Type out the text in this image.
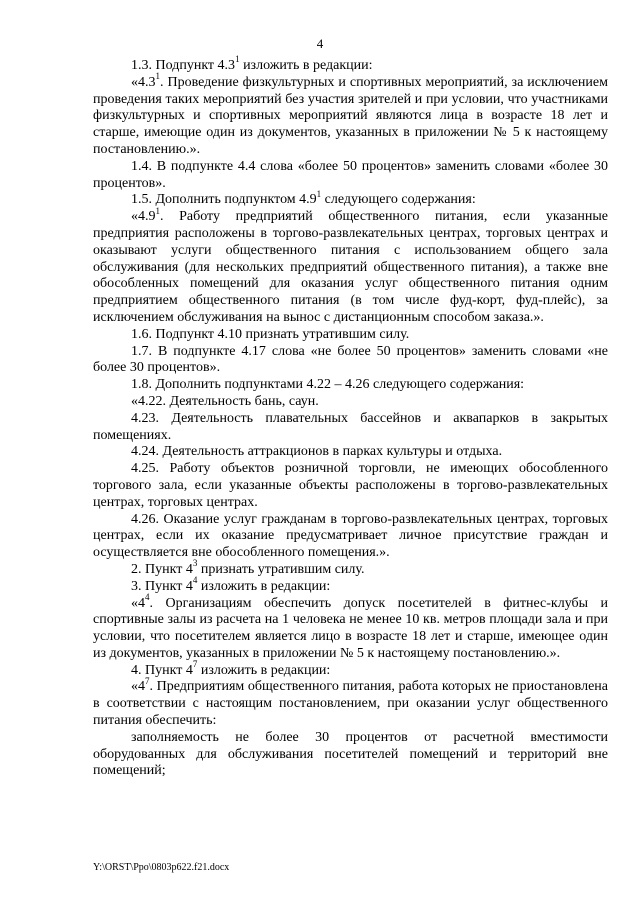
4

1.3. Подпункт $4.3^1$ изложить в редакции:

«$4.3^1$. Проведение физкультурных и спортивных мероприятий, за исключением проведения таких мероприятий без участия зрителей и при условии, что участниками физкультурных и спортивных мероприятий являются лица в возрасте 18 лет и старше, имеющие один из документов, указанных в приложении № 5 к настоящему постановлению.».

1.4. В подпункте 4.4 слова «более 50 процентов» заменить словами «более 30 процентов».

1.5. Дополнить подпунктом $4.9^1$ следующего содержания:

«$4.9^1$. Работу предприятий общественного питания, если указанные предприятия расположены в торгово-развлекательных центрах, торговых центрах и оказывают услуги общественного питания с использованием общего зала обслуживания (для нескольких предприятий общественного питания), а также вне обособленных помещений для оказания услуг общественного питания одним предприятием общественного питания (в том числе фуд-корт, фуд-плейс), за исключением обслуживания на вынос с дистанционным способом заказа.».

1.6. Подпункт 4.10 признать утратившим силу.

1.7. В подпункте 4.17 слова «не более 50 процентов» заменить словами «не более 30 процентов».

1.8. Дополнить подпунктами 4.22 – 4.26 следующего содержания:

«4.22. Деятельность бань, саун.

4.23. Деятельность плавательных бассейнов и аквапарков в закрытых помещениях.

4.24. Деятельность аттракционов в парках культуры и отдыха.

4.25. Работу объектов розничной торговли, не имеющих обособленного торгового зала, если указанные объекты расположены в торгово-развлекательных центрах, торговых центрах.

4.26. Оказание услуг гражданам в торгово-развлекательных центрах, торговых центрах, если их оказание предусматривает личное присутствие граждан и осуществляется вне обособленного помещения.».

2. Пункт $4^3$ признать утратившим силу.

3. Пункт $4^4$ изложить в редакции:

«$4^4$. Организациям обеспечить допуск посетителей в фитнес-клубы и спортивные залы из расчета на 1 человека не менее 10 кв. метров площади зала и при условии, что посетителем является лицо в возрасте 18 лет и старше, имеющее один из документов, указанных в приложении № 5 к настоящему постановлению.».

4. Пункт $4^7$ изложить в редакции:

«$4^7$. Предприятиям общественного питания, работа которых не приостановлена в соответствии с настоящим постановлением, при оказании услуг общественного питания обеспечить:

заполняемость не более 30 процентов от расчетной вместимости оборудованных для обслуживания посетителей помещений и территорий вне помещений;

Y:\ORST\Ppo\0803p622.f21.docx
